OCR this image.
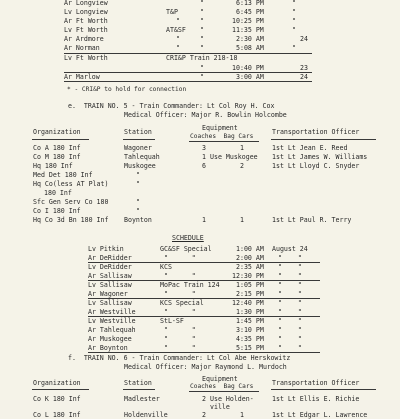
Ar Longview	"	6:13 PM	"
Lv Longview	T&P	"	6:45 PM	"
Ar Ft Worth	"	"	10:25 PM	"
Lv Ft Worth	AT&SF "	11:35 PM	"
Ar Ardmore	"	"	2:30 AM	24
Ar Norman	"	"	5:08 AM	"
Lv Ft Worth	CRI&P Train 218-18
"	10:40 PM	23
Ar Marlow	"	3:00 AM	24
* - CRI&P to hold for connection
e.  TRAIN NO. 5 - Train Commander: Lt Col Roy H. Cox
Medical Officer: Major R. Bowlin Holcombe
Organization	Station	Equipment
Coaches  Bag Cars
Transportation Officer
Co A 180 Inf	Wagoner	3	1	1st Lt Jean E. Reed
Co M 180 Inf	Tahlequah	1 Use Muskogee 1st Lt James W. Williams
Hq 180 Inf	Muskogee	6	2	1st Lt Lloyd C. Snyder
Med Det 180 Inf	"
Hq Co(less AT Plat)	"
180 Inf
Sfc Gen Serv Co 180	"
Co I 180 Inf	"
Hq Co 3d Bn 180 Inf Boynton	1	1	1st Lt Paul R. Terry
SCHEDULE
Lv Pitkin	GC&SF Special	1:00 AM August 24
Ar DeRidder	"      "	2:00 AM "    "
Lv DeRidder	KCS	2:35 AM "    "
Ar Sallisaw	"      "	12:30 PM "    "
Lv Sallisaw	MoPac Train 124 1:05 PM "    "
Ar Wagoner	"      "	2:15 PM "    "
Lv Sallisaw	KCS Special	12:40 PM "    "
Ar Westville	"      "	1:30 PM "    "
Lv Westville	StL-SF	1:45 PM "    "
Ar Tahlequah	"      "	3:10 PM "    "
Ar Muskogee	"      "	4:35 PM "    "
Ar Boynton	"      "	5:15 PM "    "
f.  TRAIN NO. 6 - Train Commander: Lt Col Abe Herskowitz
Medical Officer: Major Raymond L. Murdoch
Organization	Station	Equipment
Coaches  Bag Cars	Transportation Officer
Co K 180 Inf	Madlester	2 Use Holden-	1st Lt Ellis E. Richie
ville
Co L 180 Inf	Holdenville	2	1	1st Lt Edgar L. Lawrence
